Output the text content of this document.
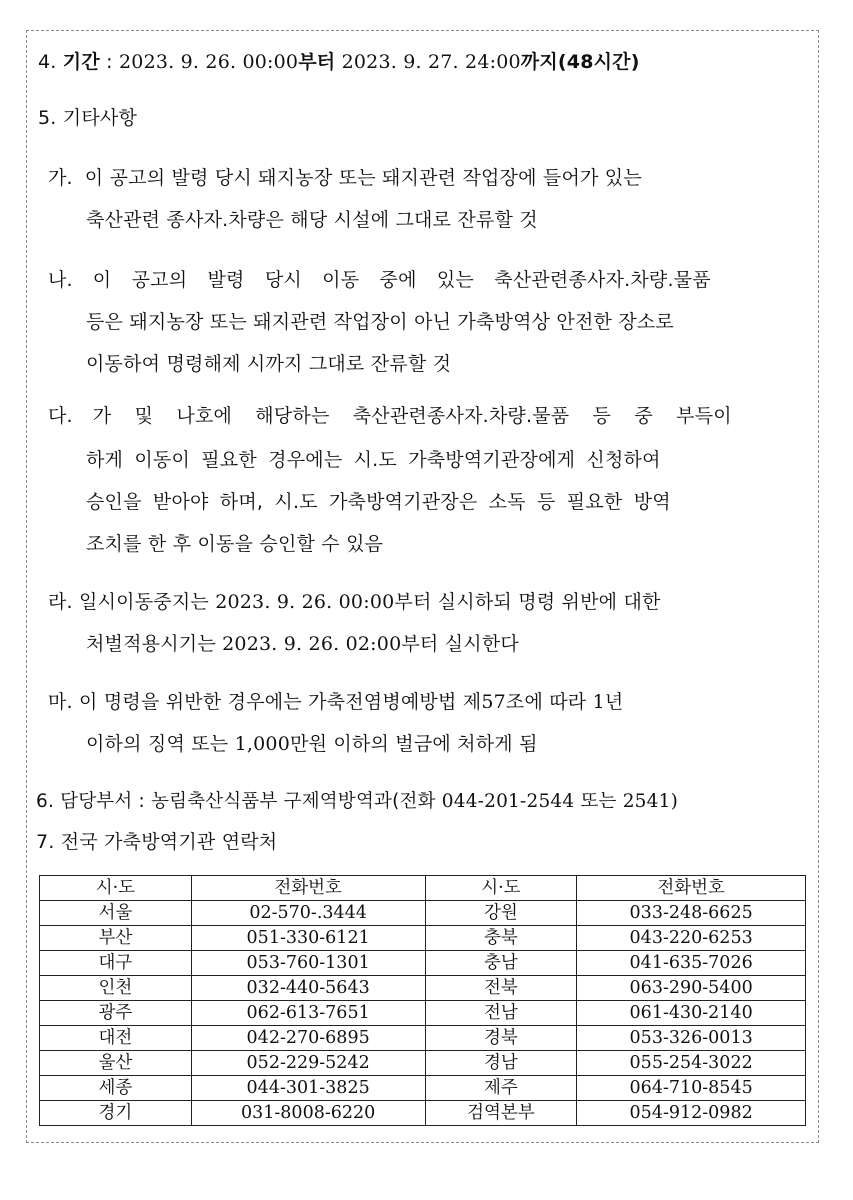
4. 기간 : 2023. 9. 26. 00:00부터 2023. 9. 27. 24:00까지(48시간)
5. 기타사항
가. 이 공고의 발령 당시 돼지농장 또는 돼지관련 작업장에 들어가 있는
축산관련 종사자.차량은 해당 시설에 그대로 잔류할 것
나. 이 공고의 발령 당시 이동 중에 있는 축산관련종사자.차량.물품
등은 돼지농장 또는 돼지관련 작업장이 아닌 가축방역상 안전한 장소로
이동하여 명령해제 시까지 그대로 잔류할 것
다. 가 및 나호에 해당하는 축산관련종사자.차량.물품 등 중 부득이
하게 이동이 필요한 경우에는 시.도 가축방역기관장에게 신청하여
승인을 받아야 하며, 시.도 가축방역기관장은 소독 등 필요한 방역
조치를 한 후 이동을 승인할 수 있음
라. 일시이동중지는 2023. 9. 26. 00:00부터 실시하되 명령 위반에 대한
처벌적용시기는 2023. 9. 26. 02:00부터 실시한다
마. 이 명령을 위반한 경우에는 가축전염병예방법 제57조에 따라 1년
이하의 징역 또는 1,000만원 이하의 벌금에 처하게 됨
6. 담당부서 : 농림축산식품부 구제역방역과(전화 044-201-2544 또는 2541)
7. 전국 가축방역기관 연락처
시·도	전화번호	시·도	전화번호
서울	02-570-.3444	강원	033-248-6625
부산	051-330-6121	충북	043-220-6253
대구	053-760-1301	충남	041-635-7026
인천	032-440-5643	전북	063-290-5400
광주	062-613-7651	전남	061-430-2140
대전	042-270-6895	경북	053-326-0013
울산	052-229-5242	경남	055-254-3022
세종	044-301-3825	제주	064-710-8545
경기	031-8008-6220	검역본부	054-912-0982
